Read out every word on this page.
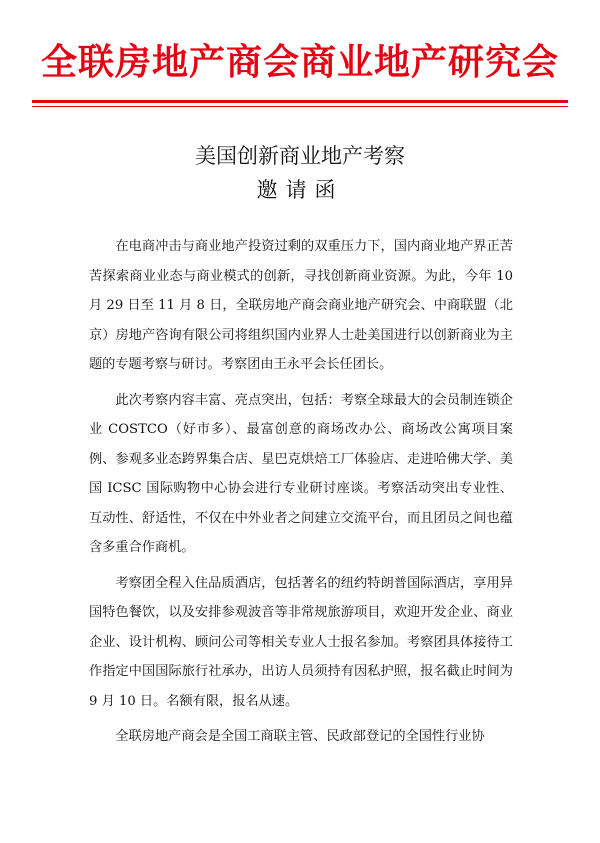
全联房地产商会商业地产研究会
美国创新商业地产考察
邀请函

在电商冲击与商业地产投资过剩的双重压力下，国内商业地产界正苦苦探索商业业态与商业模式的创新，寻找创新商业资源。为此，今年 10 月 29 日至 11 月 8 日，全联房地产商会商业地产研究会、中商联盟（北京）房地产咨询有限公司将组织国内业界人士赴美国进行以创新商业为主题的专题考察与研讨。考察团由王永平会长任团长。

此次考察内容丰富、亮点突出，包括：考察全球最大的会员制连锁企业 COSTCO（好市多）、最富创意的商场改办公、商场改公寓项目案例、参观多业态跨界集合店、星巴克烘焙工厂体验店、走进哈佛大学、美国 ICSC 国际购物中心协会进行专业研讨座谈。考察活动突出专业性、互动性、舒适性，不仅在中外业者之间建立交流平台，而且团员之间也蕴含多重合作商机。

考察团全程入住品质酒店，包括著名的纽约特朗普国际酒店，享用异国特色餐饮，以及安排参观波音等非常规旅游项目，欢迎开发企业、商业企业、设计机构、顾问公司等相关专业人士报名参加。考察团具体接待工作指定中国国际旅行社承办，出访人员须持有因私护照，报名截止时间为 9 月 10 日。名额有限，报名从速。

全联房地产商会是全国工商联主管、民政部登记的全国性行业协
